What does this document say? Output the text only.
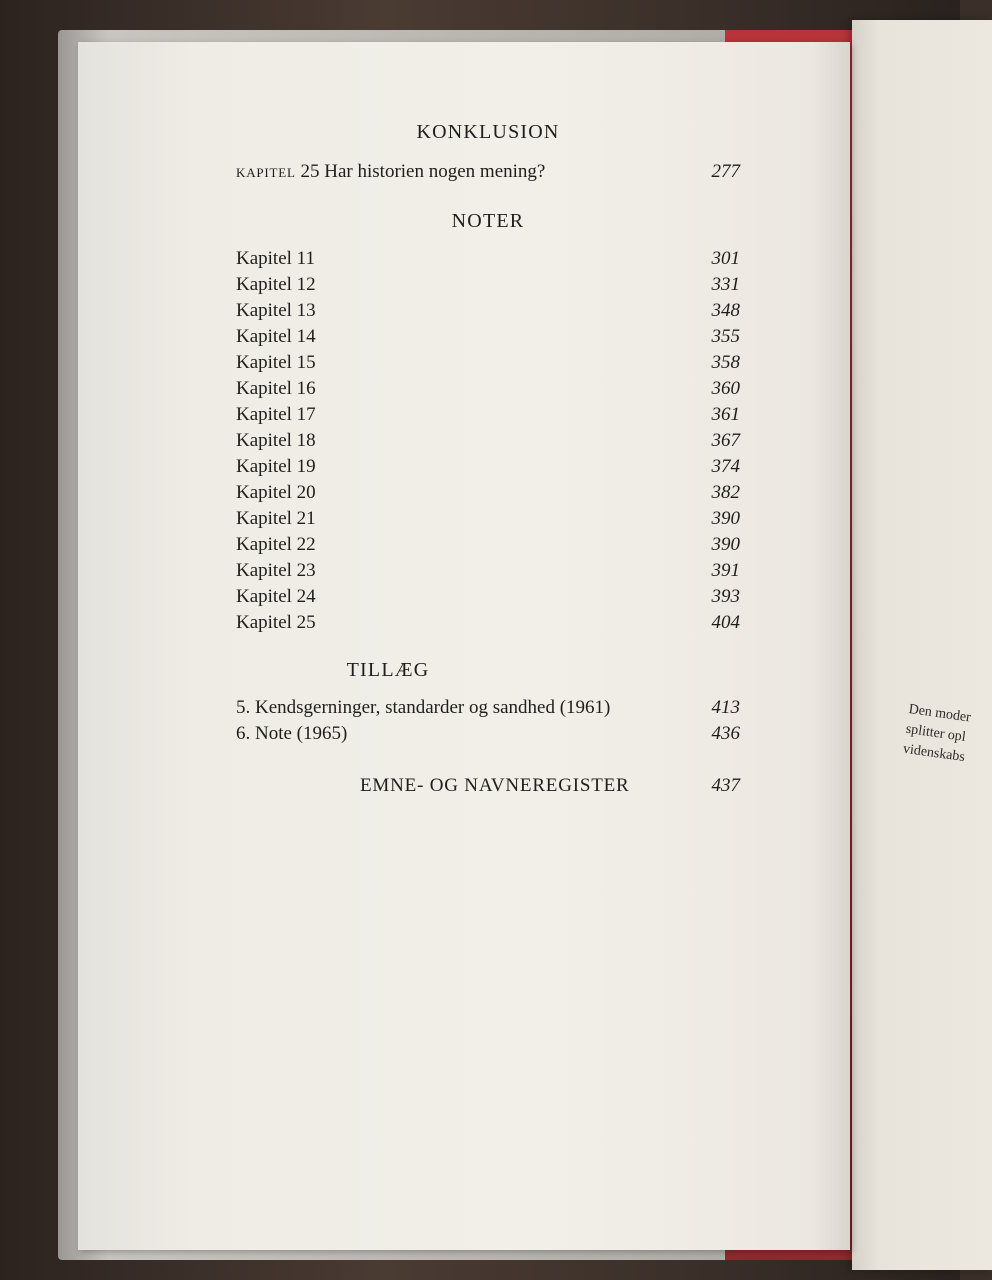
Den moder
splitter opl
videnskabs
KONKLUSION
KAPITEL 25 Har historien nogen mening?	277
NOTER
Kapitel 11	301
Kapitel 12	331
Kapitel 13	348
Kapitel 14	355
Kapitel 15	358
Kapitel 16	360
Kapitel 17	361
Kapitel 18	367
Kapitel 19	374
Kapitel 20	382
Kapitel 21	390
Kapitel 22	390
Kapitel 23	391
Kapitel 24	393
Kapitel 25	404
TILLÆG
5. Kendsgerninger, standarder og sandhed (1961)	413
6. Note (1965)	436
EMNE- OG NAVNEREGISTER	437
